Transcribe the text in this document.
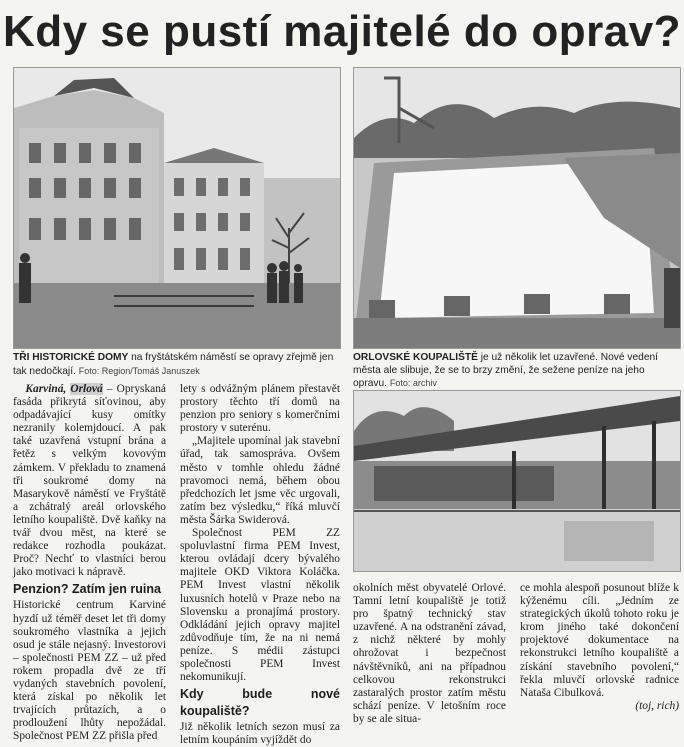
Kdy se pustí majitelé do oprav?
TŘI HISTORICKÉ DOMY na fryštátském náměstí se opravy zřejmě jen tak nedočkají. Foto: Region/Tomáš Januszek
ORLOVSKÉ KOUPALIŠTĚ je už několik let uzavřené. Nové vedení města ale slibuje, že se to brzy změní, že sežene peníze na jeho opravu. Foto: archiv

Karviná, Orlová – Opryskaná fasáda přikrytá síťovinou, aby odpadávající kusy omítky nezranily kolemjdoucí. A pak také uzavřená vstupní brána a řetěz s velkým kovovým zámkem. V překladu to znamená tři soukromé domy na Masarykově náměstí ve Fryštátě a zchátralý areál orlovského letního koupaliště. Dvě kaňky na tvář dvou měst, na které se redakce rozhodla poukázat. Proč? Nechť to vlastníci berou jako motivaci k nápravě.

Penzion? Zatím jen ruina

Historické centrum Karviné hyzdí už téměř deset let tři domy soukromého vlastníka a jejich osud je stále nejasný. Investorovi – společnosti PEM ZZ – už před rokem propadla dvě ze tří vydaných stavebních povolení, která získal po několik let trvajících průtazích, a o prodloužení lhůty nepožádal. Společnost PEM ZZ přišla před

lety s odvážným plánem přestavět prostory těchto tří domů na penzion pro seniory s komerčními prostory v suterénu.

„Majitele upomínal jak stavební úřad, tak samospráva. Ovšem město v tomhle ohledu žádné pravomoci nemá, během obou předchozích let jsme věc urgovali, zatím bez výsledku,“ říká mluvčí města Šárka Swiderová.

Společnost PEM ZZ spoluvlastní firma PEM Invest, kterou ovládají dcery bývalého majitele OKD Viktora Koláčka. PEM Invest vlastní několik luxusních hotelů v Praze nebo na Slovensku a pronajímá prostory. Odkládání jejich opravy majitel zdůvodňuje tím, že na ni nemá peníze. S médii zástupci společnosti PEM Invest nekomunikují.

Kdy bude nové koupaliště?

Již několik letních sezon musí za letním koupáním vyjíždět do

okolních měst obyvatelé Orlové. Tamní letní koupaliště je totiž pro špatný technický stav uzavřené. A na odstranění závad, z nichž některé by mohly ohrožovat i bezpečnost návštěvníků, ani na případnou celkovou rekonstrukci zastaralých prostor zatím městu schází peníze. V letošním roce by se ale situa-

ce mohla alespoň posunout blíže k kýženému cíli. „Jedním ze strategických úkolů tohoto roku je krom jiného také dokončení projektové dokumentace na rekonstrukci letního koupaliště a získání stavebního povolení,“ řekla mluvčí orlovské radnice Nataša Cibulková.

(toj, rich)
